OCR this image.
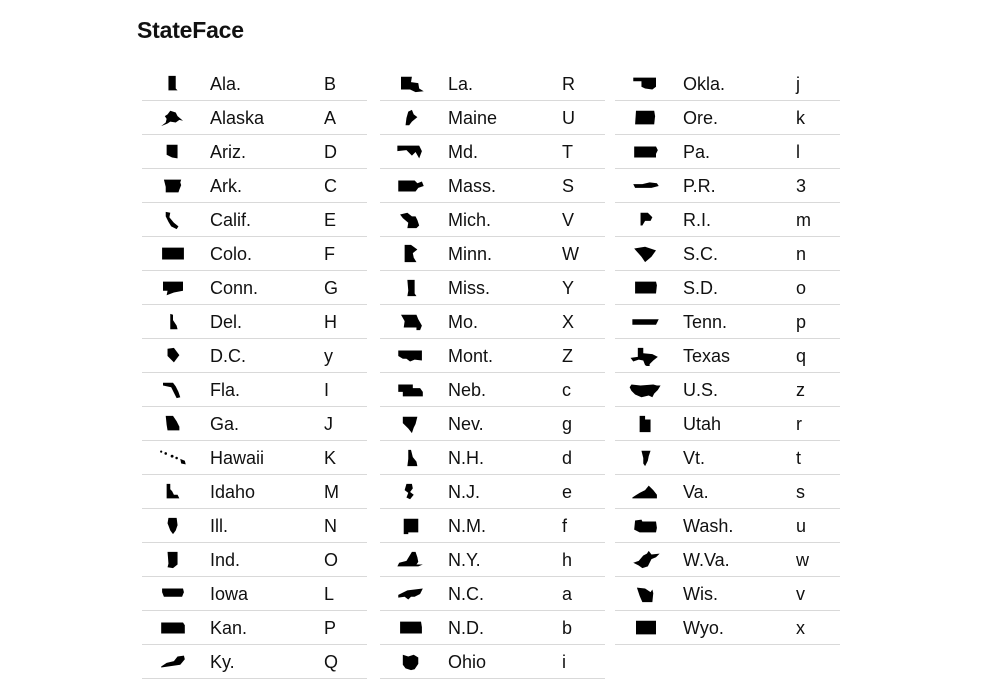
StateFace
Ala.	B
Alaska	A
Ariz.	D
Ark.	C
Calif.	E
Colo.	F
Conn.	G
Del.	H
D.C.	y
Fla.	I
Ga.	J
Hawaii	K
Idaho	M
Ill.	N
Ind.	O
Iowa	L
Kan.	P
Ky.	Q
La.	R
Maine	U
Md.	T
Mass.	S
Mich.	V
Minn.	W
Miss.	Y
Mo.	X
Mont.	Z
Neb.	c
Nev.	g
N.H.	d
N.J.	e
N.M.	f
N.Y.	h
N.C.	a
N.D.	b
Ohio	i
Okla.	j
Ore.	k
Pa.	l
P.R.	3
R.I.	m
S.C.	n
S.D.	o
Tenn.	p
Texas	q
U.S.	z
Utah	r
Vt.	t
Va.	s
Wash.	u
W.Va.	w
Wis.	v
Wyo.	x
